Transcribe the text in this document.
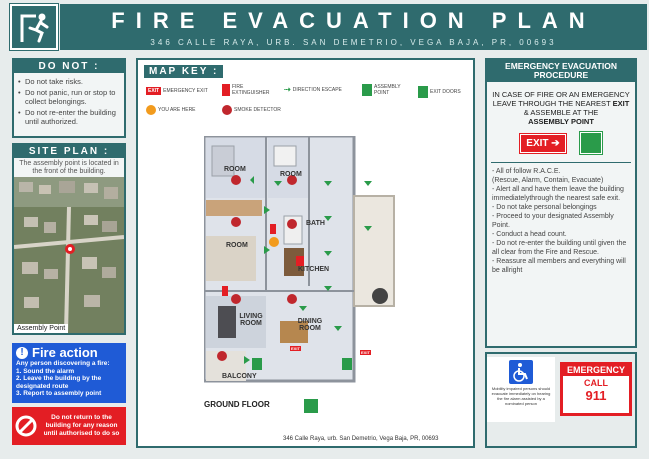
FIRE EVACUATION PLAN
346 CALLE RAYA, URB. SAN DEMETRIO, VEGA BAJA, PR, 00693
DO NOT :
• Do not take risks.
• Do not panic, run or stop to collect belongings.
• Do not re-enter the building until authorized.
SITE PLAN :
The assembly point is located in the front of the building.
Assembly Point
! Fire action
Any person discovering a fire:
1. Sound the alarm
2. Leave the building by the designated route
3. Report to assembly point
Do not return to the building for any reason until authorised to do so
MAP KEY :
EXIT EMERGENCY EXIT
FIRE EXTINGUISHER	⇢ DIRECTION ESCAPE	ASSEMBLY POINT	EXIT DOORS
YOU ARE HERE	SMOKE DETECTOR
ROOM
ROOM
ROOM
BATH
KITCHEN
LIVING ROOM	DINING ROOM
BALCONY
EXIT
EXIT
GROUND FLOOR
346 Calle Raya, urb. San Demetrio, Vega Baja, PR, 00693
EMERGENCY EVACUATION PROCEDURE
IN CASE OF FIRE OR AN EMERGENCY LEAVE THROUGH THE NEAREST EXIT & ASSEMBLE AT THE
ASSEMBLY POINT
EXIT ➔
- All of follow R.A.C.E.
(Rescue, Alarm, Contain, Evacuate)
- Alert all and have them leave the building immediatelythrough the nearest safe exit.
- Do not take personal belongings
- Proceed to your designated Assembly Point.
- Conduct a head count.
- Do not re-enter the building until given the all clear from the Fire and Rescue.
- Reassure all members and everything will be allright
Mobility impaired persons should evacuate immediately on hearing the fire alarm assisted by a nominated person
EMERGENCY
CALL
911
